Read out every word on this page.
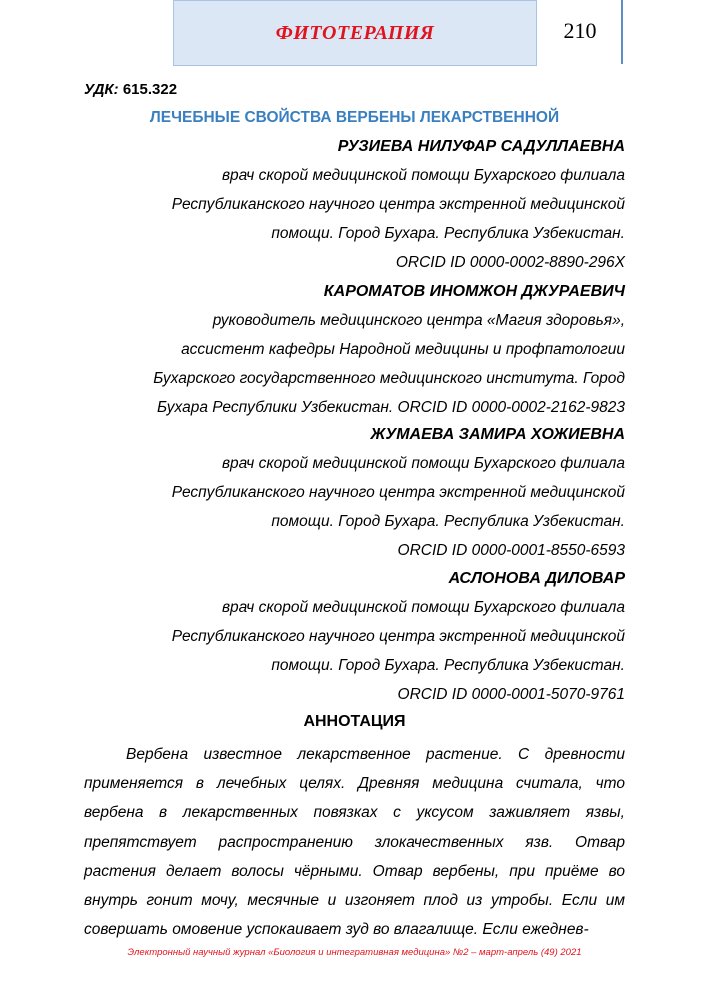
ФИТОТЕРАПИЯ	210
УДК: 615.322
ЛЕЧЕБНЫЕ СВОЙСТВА ВЕРБЕНЫ ЛЕКАРСТВЕННОЙ
РУЗИЕВА НИЛУФАР САДУЛЛАЕВНА
врач скорой медицинской помощи Бухарского филиала
Республиканского научного центра экстренной медицинской
помощи. Город Бухара. Республика Узбекистан.
ORCID ID 0000-0002-8890-296X
КАРОМАТОВ ИНОМЖОН ДЖУРАЕВИЧ
руководитель медицинского центра «Магия здоровья»,
ассистент кафедры Народной медицины и профпатологии
Бухарского государственного медицинского института. Город
Бухара Республики Узбекистан. ORCID ID 0000-0002-2162-9823
ЖУМАЕВА ЗАМИРА ХОЖИЕВНА
врач скорой медицинской помощи Бухарского филиала
Республиканского научного центра экстренной медицинской
помощи. Город Бухара. Республика Узбекистан.
ORCID ID 0000-0001-8550-6593
АСЛОНОВА ДИЛОВАР
врач скорой медицинской помощи Бухарского филиала
Республиканского научного центра экстренной медицинской
помощи. Город Бухара. Республика Узбекистан.
ORCID ID 0000-0001-5070-9761
АННОТАЦИЯ
Вербена известное лекарственное растение. С древности применяется в лечебных целях. Древняя медицина считала, что вербена в лекарственных повязках с уксусом заживляет язвы, препятствует распространению злокачественных язв. Отвар растения делает волосы чёрными. Отвар вербены, при приёме во внутрь гонит мочу, месячные и изгоняет плод из утробы. Если им совершать омовение успокаивает зуд во влагалище. Если ежеднев-
Электронный научный журнал «Биология и интегративная медицина» №2 – март-апрель (49) 2021
